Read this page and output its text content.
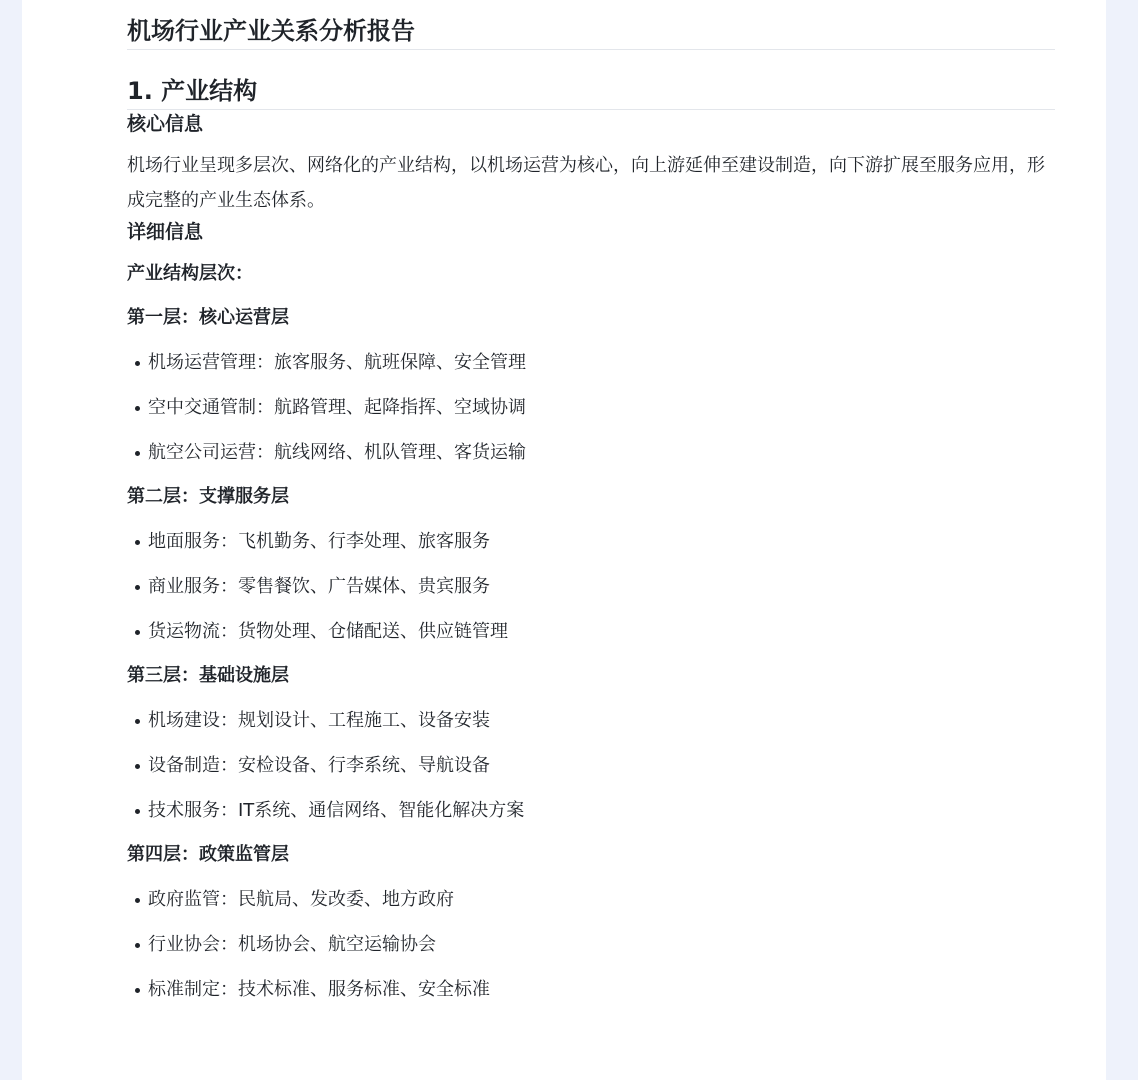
机场行业产业关系分析报告
1. 产业结构
核心信息

机场行业呈现多层次、网络化的产业结构，以机场运营为核心，向上游延伸至建设制造，向下游扩展至服务应用，形成完整的产业生态体系。

详细信息
产业结构层次：
第一层：核心运营层
机场运营管理：旅客服务、航班保障、安全管理
空中交通管制：航路管理、起降指挥、空域协调
航空公司运营：航线网络、机队管理、客货运输
第二层：支撑服务层
地面服务：飞机勤务、行李处理、旅客服务
商业服务：零售餐饮、广告媒体、贵宾服务
货运物流：货物处理、仓储配送、供应链管理
第三层：基础设施层
机场建设：规划设计、工程施工、设备安装
设备制造：安检设备、行李系统、导航设备
技术服务：IT系统、通信网络、智能化解决方案
第四层：政策监管层
政府监管：民航局、发改委、地方政府
行业协会：机场协会、航空运输协会
标准制定：技术标准、服务标准、安全标准
